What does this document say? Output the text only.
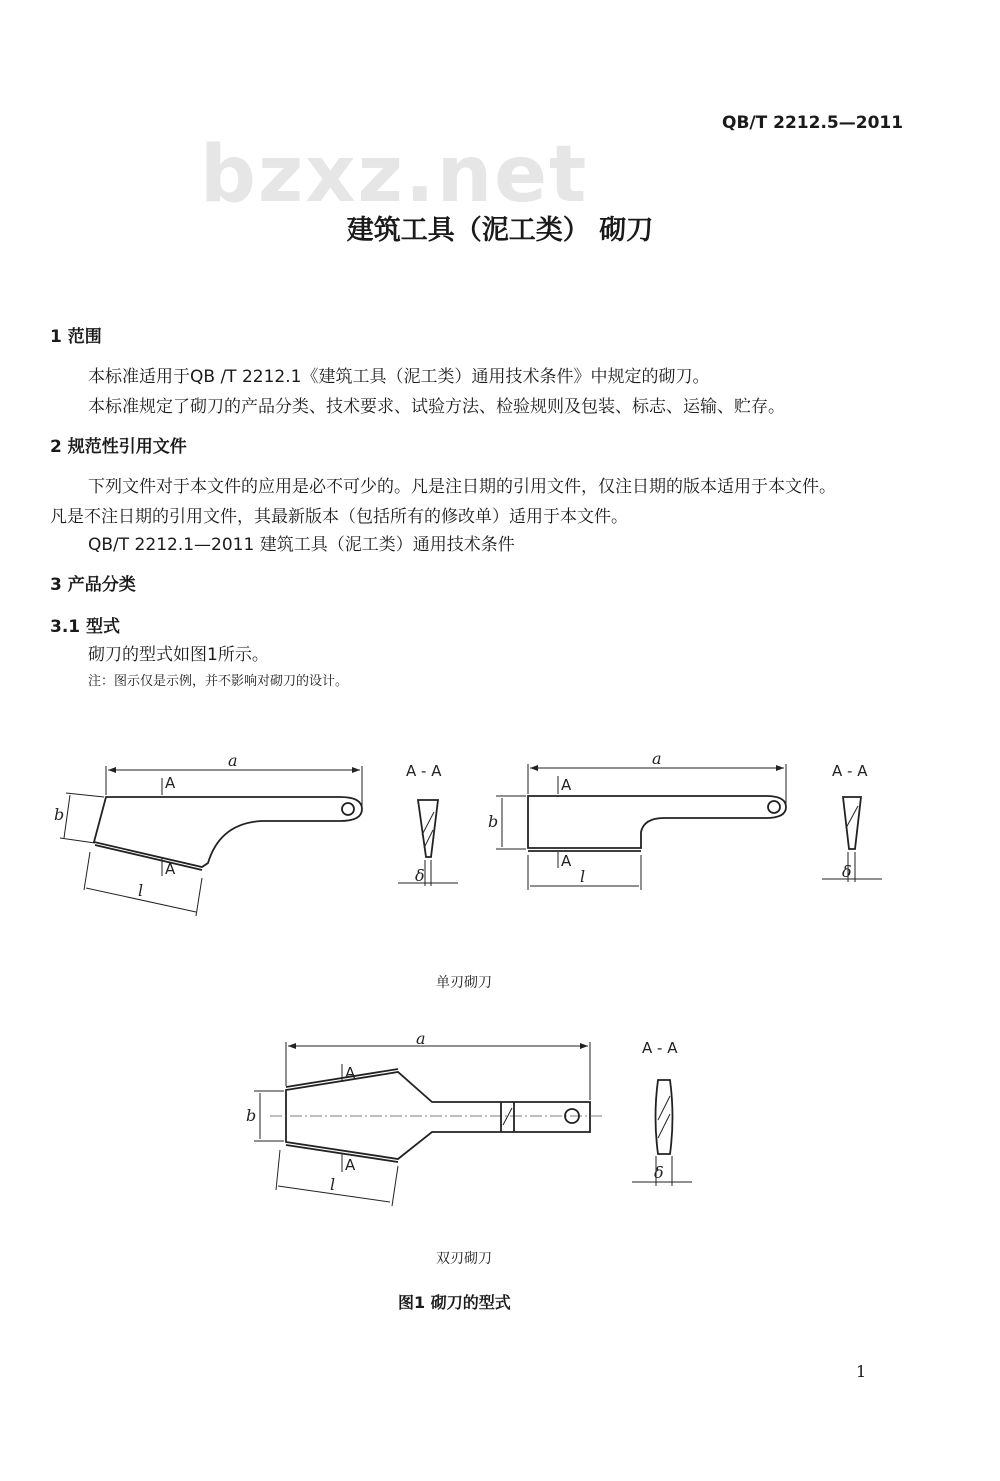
QB/T 2212.5—2011
bzxz.net
建筑工具（泥工类） 砌刀
1 范围
本标准适用于QB /T 2212.1《建筑工具（泥工类）通用技术条件》中规定的砌刀。
本标准规定了砌刀的产品分类、技术要求、试验方法、检验规则及包装、标志、运输、贮存。
2 规范性引用文件
下列文件对于本文件的应用是必不可少的。凡是注日期的引用文件，仅注日期的版本适用于本文件。
凡是不注日期的引用文件，其最新版本（包括所有的修改单）适用于本文件。
QB/T 2212.1—2011 建筑工具（泥工类）通用技术条件
3 产品分类
3.1 型式
砌刀的型式如图1所示。
注：图示仅是示例，并不影响对砌刀的设计。
a
A
A
b
l
A - A
δ
a
A
A
b
l
A - A
δ
a
A
A
b
l
A - A
δ
单刃砌刀
双刃砌刀
图1 砌刀的型式
1
